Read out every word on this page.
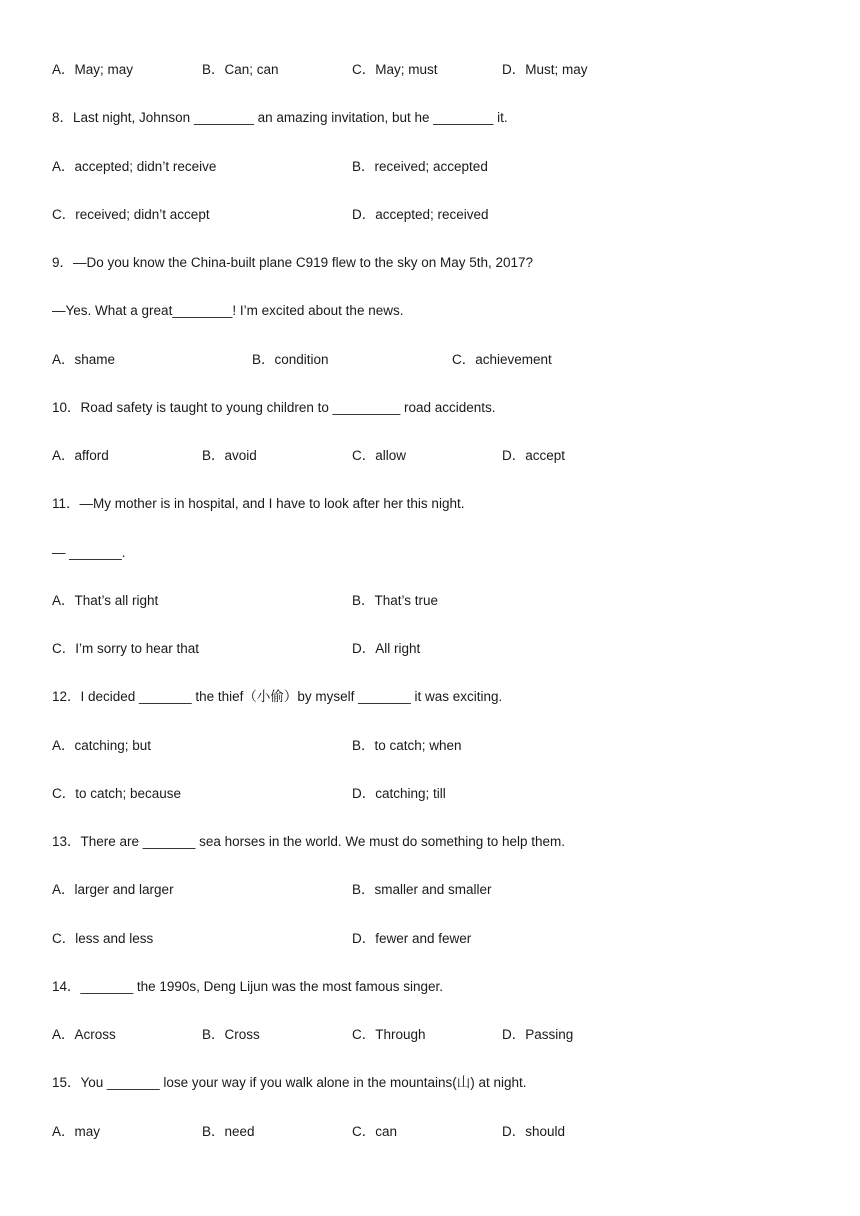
A．May; may	B．Can; can	C．May; must	D．Must; may
8．Last night, Johnson ________ an amazing invitation, but he ________ it.
A．accepted; didn’t receive	B．received; accepted
C．received; didn’t accept	D．accepted; received
9．—Do you know the China-built plane C919 flew to the sky on May 5th, 2017?
—Yes. What a great________! I’m excited about the news.
A．shame	B．condition	C．achievement
10．Road safety is taught to young children to _________ road accidents.
A．afford	B．avoid	C．allow	D．accept
11．—My mother is in hospital, and I have to look after her this night.
— _______.
A．That’s all right	B．That’s true
C．I’m sorry to hear that	D．All right
12．I decided _______ the thief（小偷）by myself _______ it was exciting.
A．catching; but	B．to catch; when
C．to catch; because	D．catching; till
13．There are _______ sea horses in the world. We must do something to help them.
A．larger and larger	B．smaller and smaller
C．less and less	D．fewer and fewer
14．_______ the 1990s, Deng Lijun was the most famous singer.
A．Across	B．Cross	C．Through	D．Passing
15．You _______ lose your way if you walk alone in the mountains(山) at night.
A．may	B．need	C．can	D．should
